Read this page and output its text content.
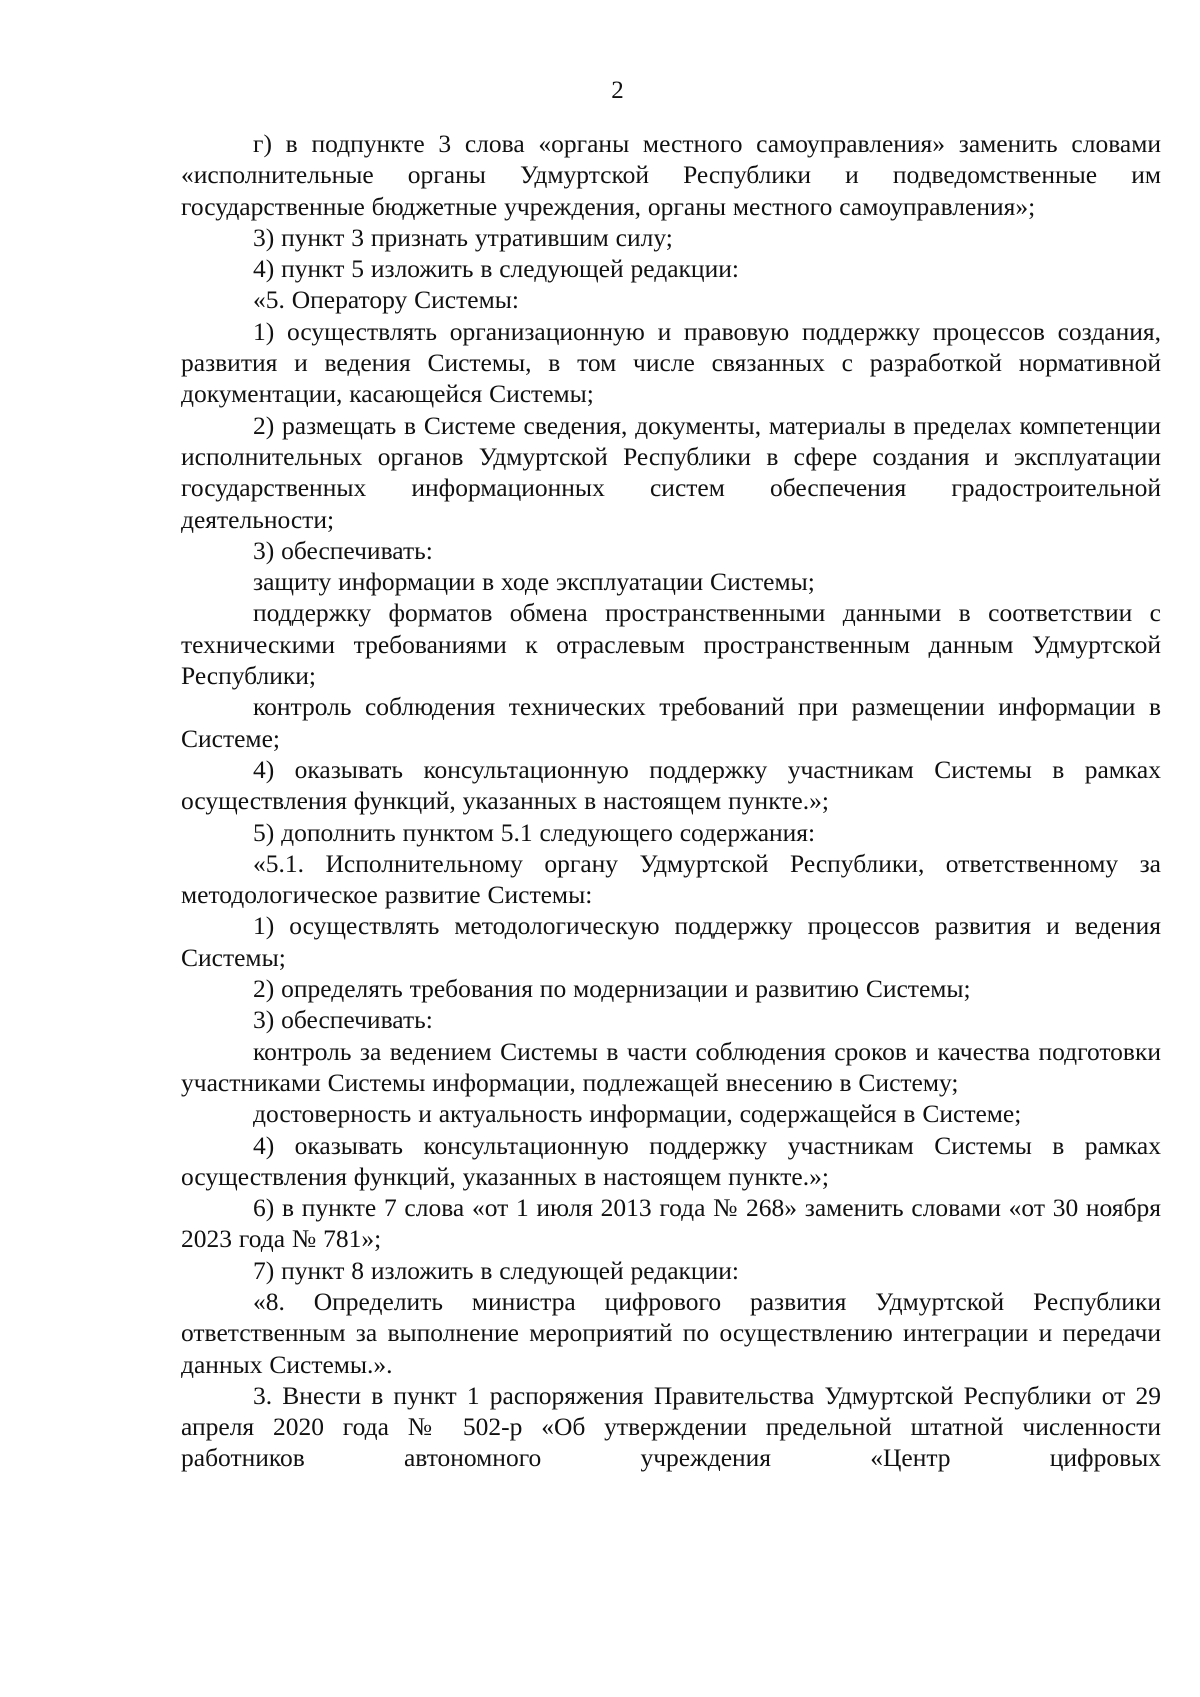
2

г) в подпункте 3 слова «органы местного самоуправления» заменить словами «исполнительные органы Удмуртской Республики и подведомственные им государственные бюджетные учреждения, органы местного самоуправления»;

3) пункт 3 признать утратившим силу;

4) пункт 5 изложить в следующей редакции:

«5. Оператору Системы:

1) осуществлять организационную и правовую поддержку процессов создания, развития и ведения Системы, в том числе связанных с разработкой нормативной документации, касающейся Системы;

2) размещать в Системе сведения, документы, материалы в пределах компетенции исполнительных органов Удмуртской Республики в сфере создания и эксплуатации государственных информационных систем обеспечения градостроительной деятельности;

3) обеспечивать:

защиту информации в ходе эксплуатации Системы;

поддержку форматов обмена пространственными данными в соответствии с техническими требованиями к отраслевым пространственным данным Удмуртской Республики;

контроль соблюдения технических требований при размещении информации в Системе;

4) оказывать консультационную поддержку участникам Системы в рамках осуществления функций, указанных в настоящем пункте.»;

5) дополнить пунктом 5.1 следующего содержания:

«5.1. Исполнительному органу Удмуртской Республики, ответственному за методологическое развитие Системы:

1) осуществлять методологическую поддержку процессов развития и ведения Системы;

2) определять требования по модернизации и развитию Системы;

3) обеспечивать:

контроль за ведением Системы в части соблюдения сроков и качества подготовки участниками Системы информации, подлежащей внесению в Систему;

достоверность и актуальность информации, содержащейся в Системе;

4) оказывать консультационную поддержку участникам Системы в рамках осуществления функций, указанных в настоящем пункте.»;

6) в пункте 7 слова «от 1 июля 2013 года № 268» заменить словами «от 30 ноября 2023 года № 781»;

7) пункт 8 изложить в следующей редакции:

«8. Определить министра цифрового развития Удмуртской Республики ответственным за выполнение мероприятий по осуществлению интеграции и передачи данных Системы.».

3. Внести в пункт 1 распоряжения Правительства Удмуртской Республики от 29 апреля 2020 года № 502-р «Об утверждении предельной штатной численности работников автономного учреждения «Центр цифровых
